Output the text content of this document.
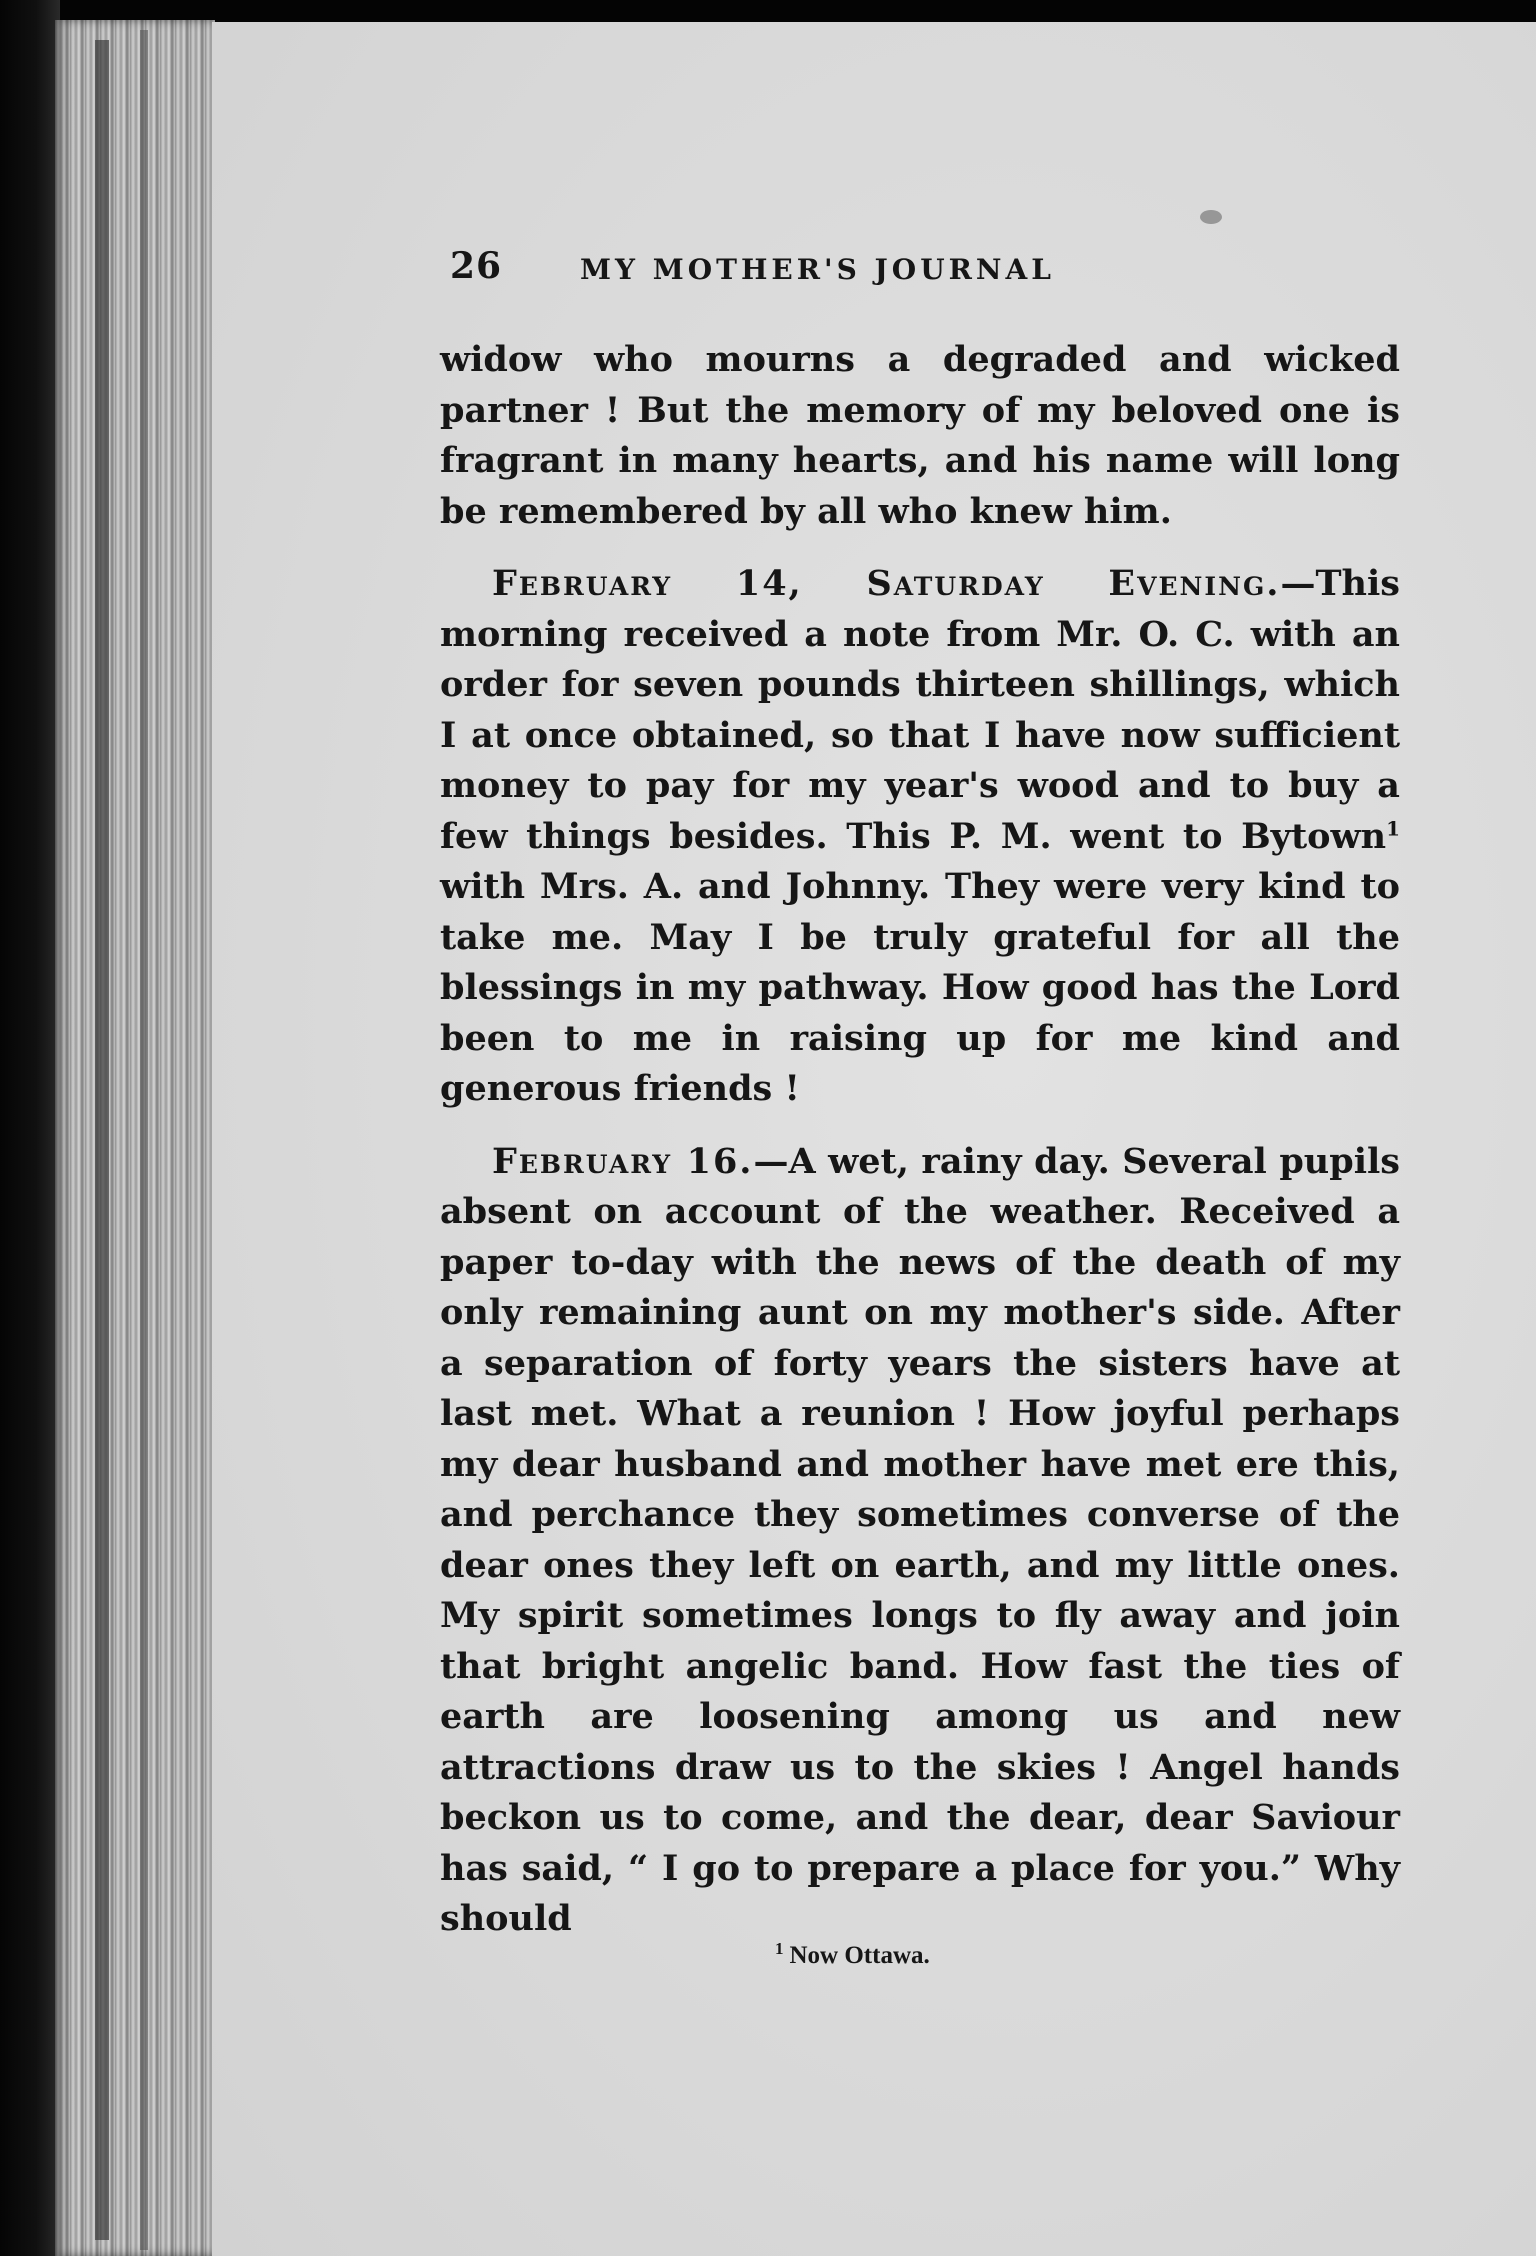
26	MY MOTHER'S JOURNAL

widow who mourns a degraded and wicked partner ! But the memory of my beloved one is fragrant in many hearts, and his name will long be remembered by all who knew him.

February 14, Saturday Evening.—This morning received a note from Mr. O. C. with an order for seven pounds thirteen shillings, which I at once obtained, so that I have now sufficient money to pay for my year's wood and to buy a few things besides. This P. M. went to Bytown$^1$ with Mrs. A. and Johnny. They were very kind to take me. May I be truly grateful for all the blessings in my pathway. How good has the Lord been to me in raising up for me kind and generous friends !

February 16.—A wet, rainy day. Several pupils absent on account of the weather. Received a paper to-day with the news of the death of my only remaining aunt on my mother's side. After a separation of forty years the sisters have at last met. What a reunion ! How joyful perhaps my dear husband and mother have met ere this, and perchance they sometimes converse of the dear ones they left on earth, and my little ones. My spirit sometimes longs to fly away and join that bright angelic band. How fast the ties of earth are loosening among us and new attractions draw us to the skies ! Angel hands beckon us to come, and the dear, dear Saviour has said, “ I go to prepare a place for you.” Why should

$^1$ Now Ottawa.
